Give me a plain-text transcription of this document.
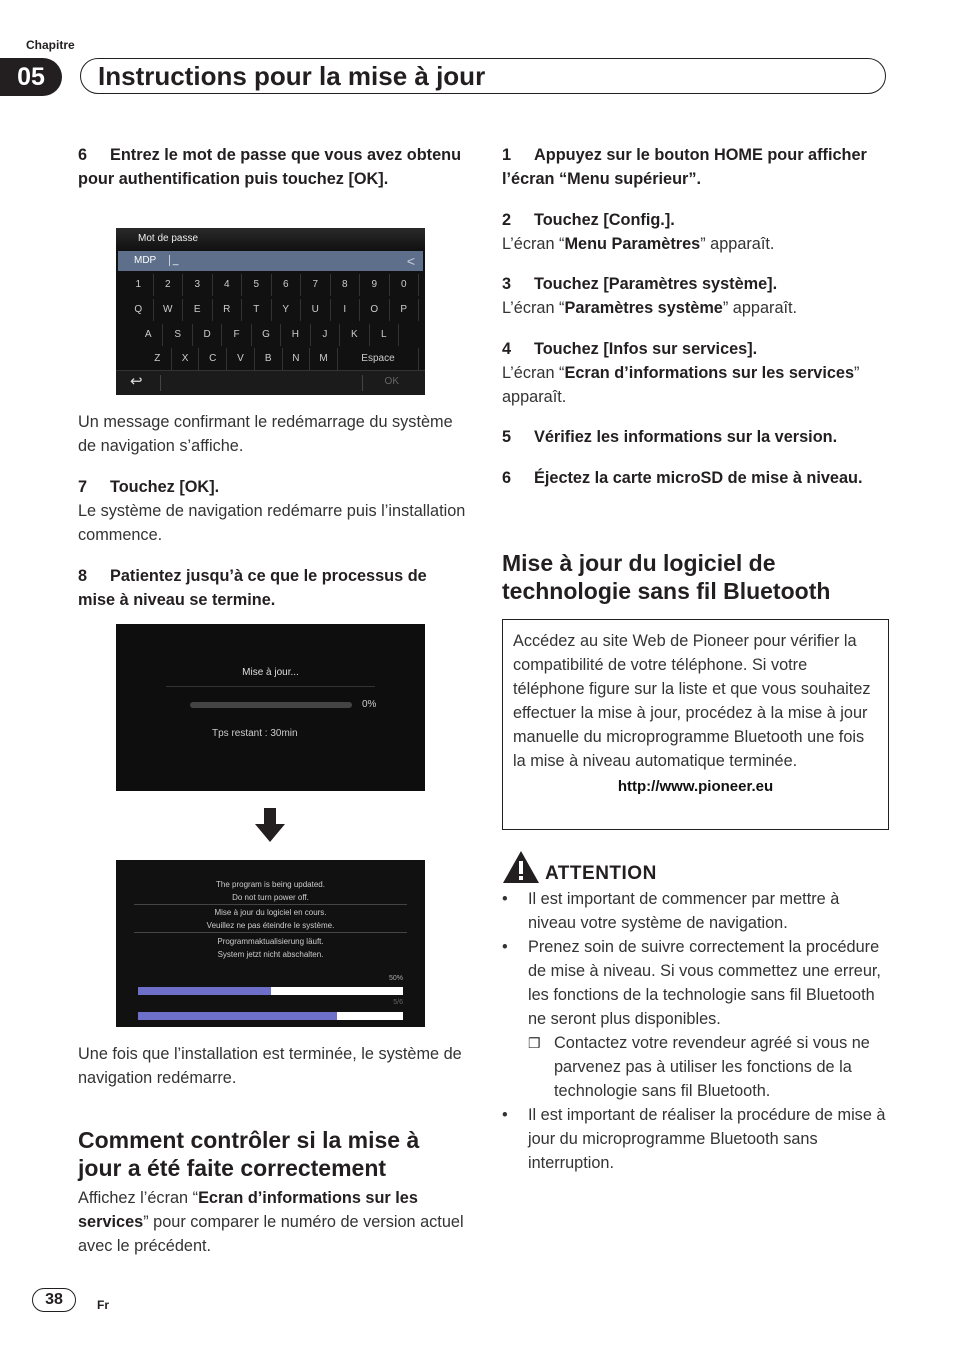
Chapitre
05	Instructions pour la mise à jour

6 Entrez le mot de passe que vous avez obtenu pour authentification puis touchez [OK].

Mot de passe
MDP _	<
1	2	3	4	5	6	7	8	9	0
Q	W	E	R	T	Y	U	I	O	P
A	S	D	F	G	H	J	K	L
Z	X	C	V	B	N	M	Espace
↩	OK
Un message confirmant le redémarrage du système de navigation s’affiche.

7 Touchez [OK].

Le système de navigation redémarre puis l’installation commence.

8 Patientez jusqu’à ce que le processus de mise à niveau se termine.

Mise à jour...
0%
Tps restant : 30min
The program is being updated.
Do not turn power off.
Mise à jour du logiciel en cours.
Veuillez ne pas éteindre le système.
Programmaktualisierung läuft.
System jetzt nicht abschalten.
50%
5/6
Une fois que l’installation est terminée, le système de navigation redémarre.
Comment contrôler si la mise à jour a été faite correctement

Affichez l’écran “Ecran d’informations sur les services” pour comparer le numéro de version actuel avec le précédent.

1 Appuyez sur le bouton HOME pour afficher l’écran “Menu supérieur”.

2 Touchez [Config.].

L’écran “Menu Paramètres” apparaît.

3 Touchez [Paramètres système].

L’écran “Paramètres système” apparaît.

4 Touchez [Infos sur services].

L’écran “Ecran d’informations sur les services” apparaît.

5 Vérifiez les informations sur la version.

6 Éjectez la carte microSD de mise à niveau.

Mise à jour du logiciel de technologie sans fil Bluetooth

Accédez au site Web de Pioneer pour vérifier la compatibilité de votre téléphone. Si votre téléphone figure sur la liste et que vous souhaitez effectuer la mise à jour, procédez à la mise à jour manuelle du microprogramme Bluetooth une fois la mise à niveau automatique terminée.

http://www.pioneer.eu
ATTENTION
• Il est important de commencer par mettre à niveau votre système de navigation.
• Prenez soin de suivre correctement la procédure de mise à niveau. Si vous commettez une erreur, les fonctions de la technologie sans fil Bluetooth ne seront plus disponibles.
❒ Contactez votre revendeur agréé si vous ne parvenez pas à utiliser les fonctions de la technologie sans fil Bluetooth.
• Il est important de réaliser la procédure de mise à jour du microprogramme Bluetooth sans interruption.
38	Fr
